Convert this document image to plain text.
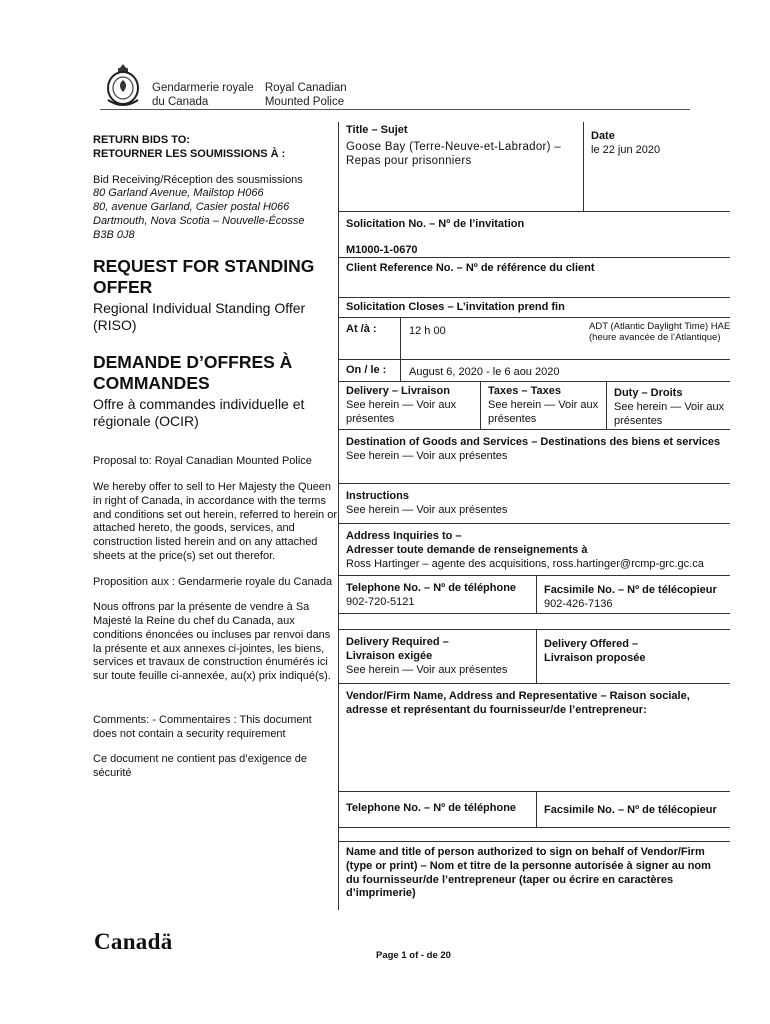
Gendarmerie royale
du Canada

Royal Canadian
Mounted Police

RETURN BIDS TO:
RETOURNER LES SOUMISSIONS À :

Bid Receiving/Réception des sousmissions
80 Garland Avenue, Mailstop H066
80, avenue Garland, Casier postal H066
Dartmouth, Nova Scotia – Nouvelle-Écosse
B3B 0J8

REQUEST FOR STANDING OFFER
Regional Individual Standing Offer (RISO)
DEMANDE D’OFFRES À COMMANDES
Offre à commandes individuelle et régionale (OCIR)

Proposal to: Royal Canadian Mounted Police

We hereby offer to sell to Her Majesty the Queen in right of Canada, in accordance with the terms and conditions set out herein, referred to herein or attached hereto, the goods, services, and construction listed herein and on any attached sheets at the price(s) set out therefor.

Proposition aux : Gendarmerie royale du Canada

Nous offrons par la présente de vendre à Sa Majesté la Reine du chef du Canada, aux conditions énoncées ou incluses par renvoi dans la présente et aux annexes ci-jointes, les biens, services et travaux de construction énumérés ici sur toute feuille ci-annexée, au(x) prix indiqué(s).

Comments: - Commentaires : This document does not contain a security requirement

Ce document ne contient pas d’exigence de sécurité

Title – Sujet
Goose Bay (Terre-Neuve-et-Labrador) – Repas pour prisonniers
Date
le 22 jun 2020
Solicitation No. – Nº de l’invitation
M1000-1-0670
Client Reference No. – Nº de référence du client
Solicitation Closes – L’invitation prend fin
At /à :	12 h 00	ADT (Atlantic Daylight Time) HAE (heure avancée de l’Atlantique)
On / le :	August 6, 2020 - le 6 aou 2020
Delivery – Livraison
See herein — Voir aux présentes
Taxes – Taxes
See herein — Voir aux présentes
Duty – Droits
See herein — Voir aux présentes
Destination of Goods and Services – Destinations des biens et services
See herein — Voir aux présentes
Instructions
See herein — Voir aux présentes
Address Inquiries to –
Adresser toute demande de renseignements à
Ross Hartinger – agente des acquisitions, ross.hartinger@rcmp-grc.gc.ca
Telephone No. – Nº de téléphone
902-720-5121
Facsimile No. – Nº de télécopieur
902-426-7136
Delivery Required –
Livraison exigée
See herein — Voir aux présentes
Delivery Offered –
Livraison proposée
Vendor/Firm Name, Address and Representative – Raison sociale, adresse et représentant du fournisseur/de l’entrepreneur:
Telephone No. – Nº de téléphone	Facsimile No. – Nº de télécopieur
Name and title of person authorized to sign on behalf of Vendor/Firm (type or print) – Nom et titre de la personne autorisée à signer au nom du fournisseur/de l’entrepreneur (taper ou écrire en caractères d’imprimerie)
Canadä
Page 1 of - de 20
